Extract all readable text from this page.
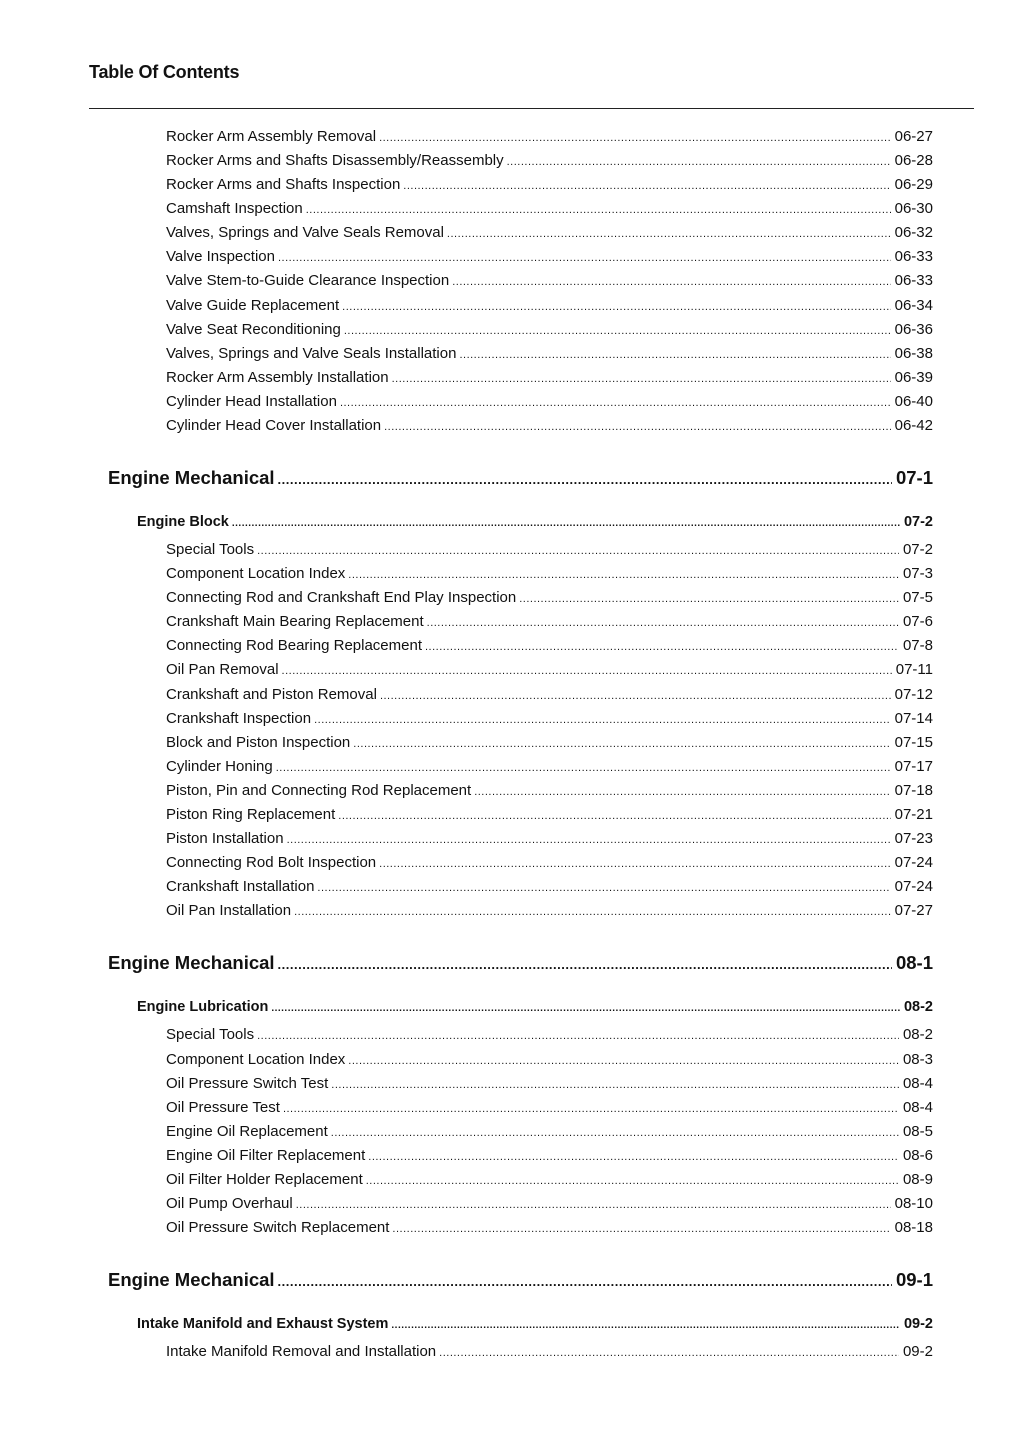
Table Of Contents
Rocker Arm Assembly Removal .....	06-27
Rocker Arms and Shafts Disassembly/Reassembly .....	06-28
Rocker Arms and Shafts Inspection .....	06-29
Camshaft Inspection .....	06-30
Valves, Springs and Valve Seals Removal .....	06-32
Valve Inspection .....	06-33
Valve Stem-to-Guide Clearance Inspection .....	06-33
Valve Guide Replacement .....	06-34
Valve Seat Reconditioning .....	06-36
Valves, Springs and Valve Seals Installation .....	06-38
Rocker Arm Assembly Installation .....	06-39
Cylinder Head Installation .....	06-40
Cylinder Head Cover Installation .....	06-42
Engine Mechanical .....	07-1
Engine Block .....	07-2
Special Tools .....	07-2
Component Location Index .....	07-3
Connecting Rod and Crankshaft End Play Inspection .....	07-5
Crankshaft Main Bearing Replacement .....	07-6
Connecting Rod Bearing Replacement .....	07-8
Oil Pan Removal .....	07-11
Crankshaft and Piston Removal .....	07-12
Crankshaft Inspection .....	07-14
Block and Piston Inspection .....	07-15
Cylinder Honing .....	07-17
Piston, Pin and Connecting Rod Replacement .....	07-18
Piston Ring Replacement .....	07-21
Piston Installation .....	07-23
Connecting Rod Bolt Inspection .....	07-24
Crankshaft Installation .....	07-24
Oil Pan Installation .....	07-27
Engine Mechanical .....	08-1
Engine Lubrication .....	08-2
Special Tools .....	08-2
Component Location Index .....	08-3
Oil Pressure Switch Test .....	08-4
Oil Pressure Test .....	08-4
Engine Oil Replacement .....	08-5
Engine Oil Filter Replacement .....	08-6
Oil Filter Holder Replacement .....	08-9
Oil Pump Overhaul .....	08-10
Oil Pressure Switch Replacement .....	08-18
Engine Mechanical .....	09-1
Intake Manifold and Exhaust System .....	09-2
Intake Manifold Removal and Installation .....	09-2
